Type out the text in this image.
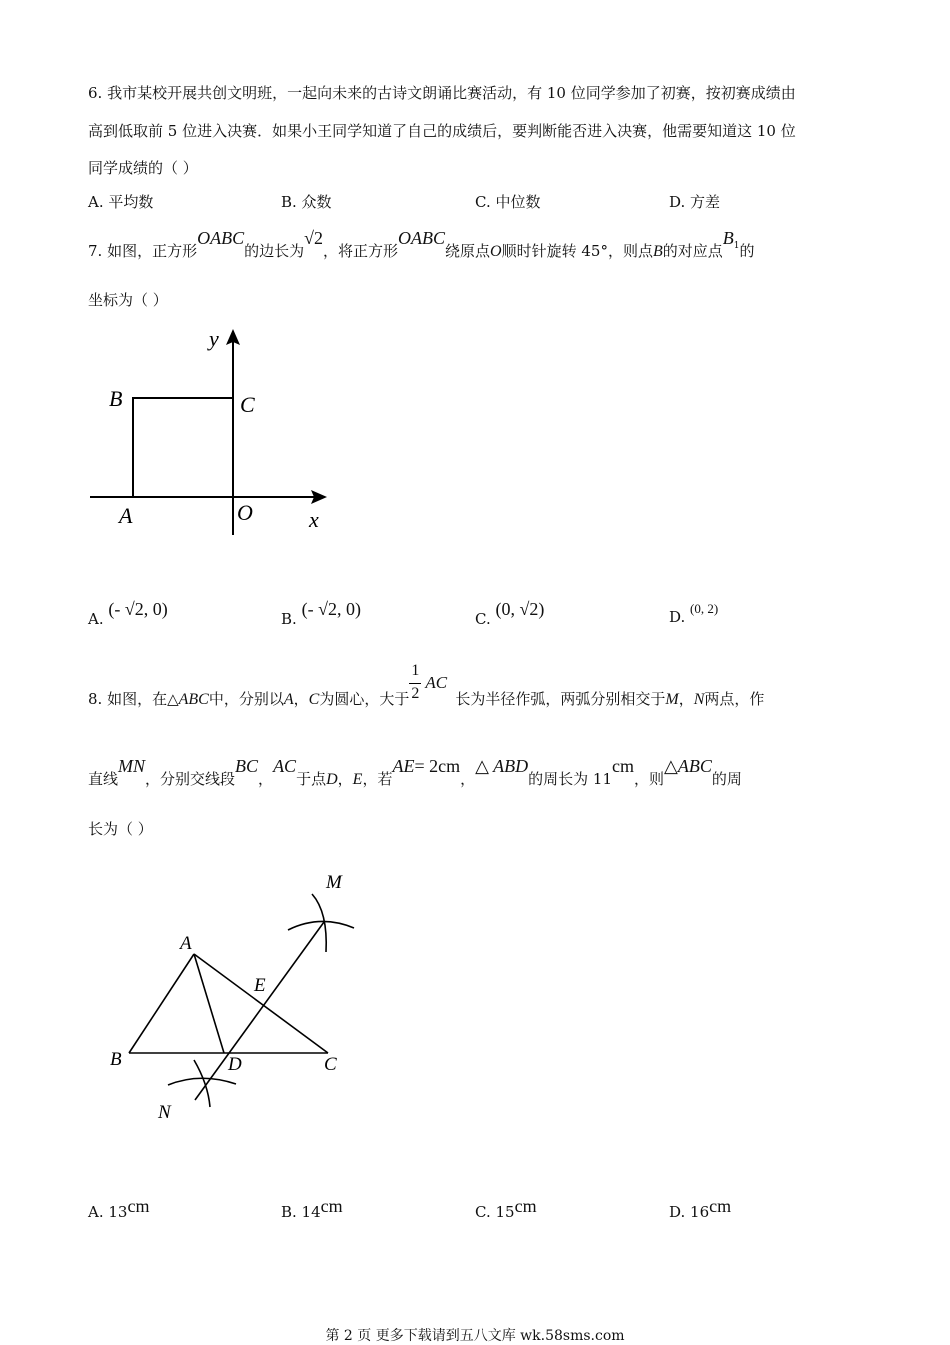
6. 我市某校开展共创文明班，一起向未来的古诗文朗诵比赛活动，有 10 位同学参加了初赛，按初赛成绩由
高到低取前 5 位进入决赛．如果小王同学知道了自己的成绩后，要判断能否进入决赛，他需要知道这 10 位
同学成绩的（ ）
A. 平均数	B. 众数	C. 中位数	D. 方差
7. 如图，正方形OABC的边长为√2，将正方形OABC绕原点O顺时针旋转 45°，则点B的对应点$B^1$的
坐标为（ ）
y
B	C
A	O	x
A. (- √2, 0)	B. (- √2, 0)	C. (0, √2)	D. (0, 2)
8. 如图，在△ABC中，分别以A，C为圆心，大于
1
2
AC
长为半径作弧，两弧分别相交于M，N两点，作
直线MN，分别交线段BC，AC于点D，E，若AE= 2cm，△ ABD的周长为 11cm，则△ABC的周
长为（ ）
M
A
E
B	D	C
N
A. 13cm	B. 14cm	C. 15cm	D. 16cm
第 2 页 更多下载请到五八文库 wk.58sms.com
